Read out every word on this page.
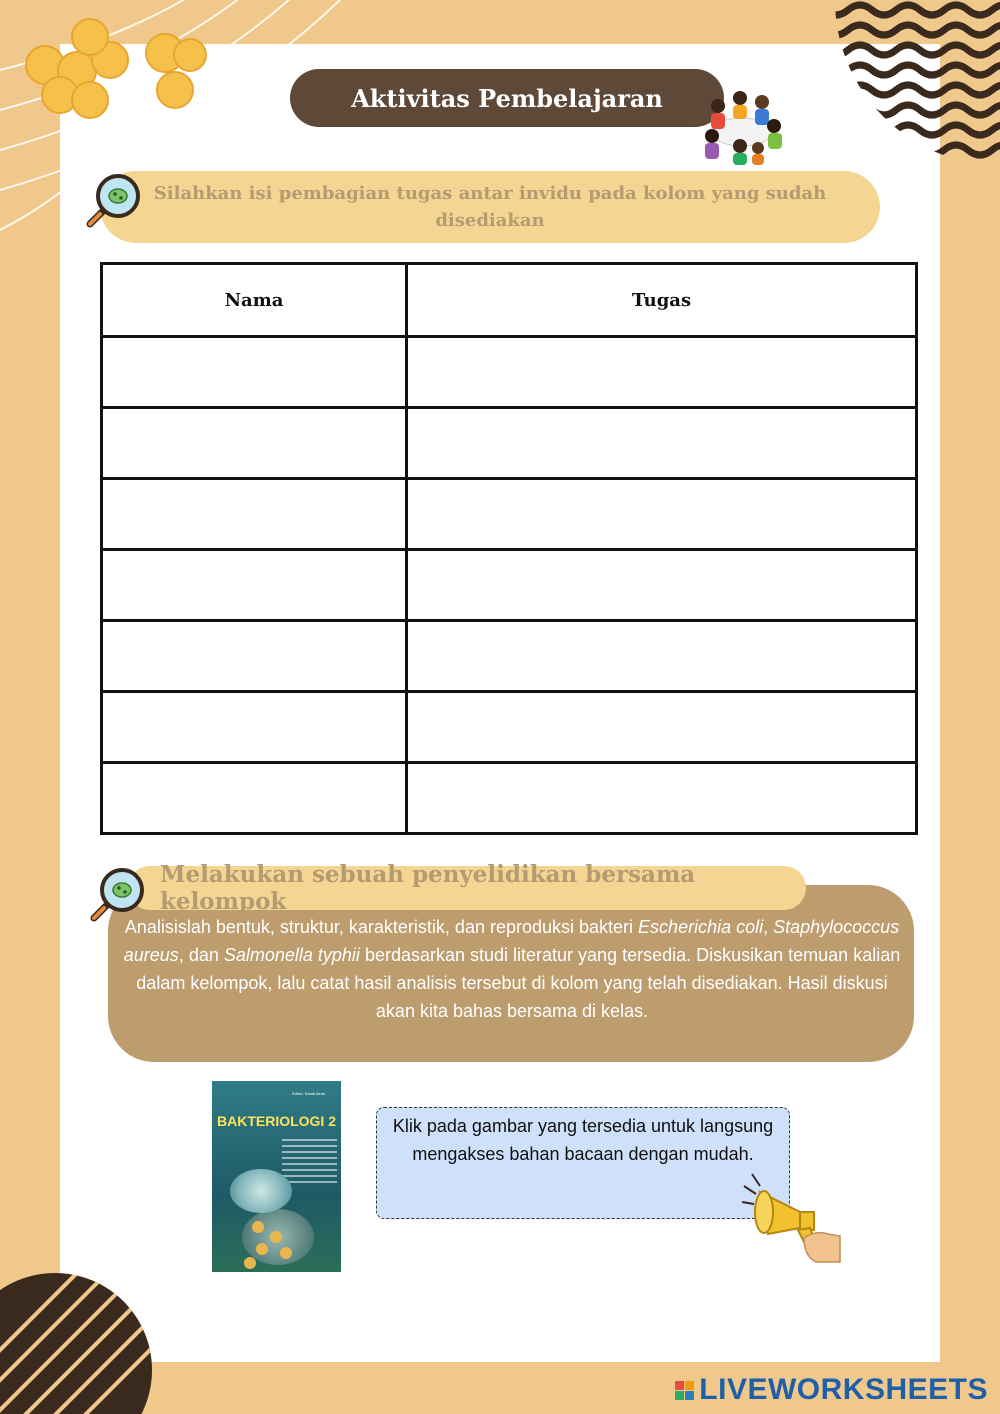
Aktivitas Pembelajaran
Silahkan isi pembagian tugas antar invidu pada kolom yang sudah disediakan
Nama	Tugas

Melakukan sebuah penyelidikan bersama kelompok
Analisislah bentuk, struktur, karakteristik, dan reproduksi bakteri Escherichia coli, Staphylococcus aureus, dan Salmonella typhii berdasarkan studi literatur yang tersedia. Diskusikan temuan kalian dalam kelompok, lalu catat hasil analisis tersebut di kolom yang telah disediakan. Hasil diskusi akan kita bahas bersama di kelas.
Editor: Sandi Ainia
BAKTERIOLOGI 2	Klik pada gambar yang tersedia untuk langsung mengakses bahan bacaan dengan mudah.
LIVEWORKSHEETS
